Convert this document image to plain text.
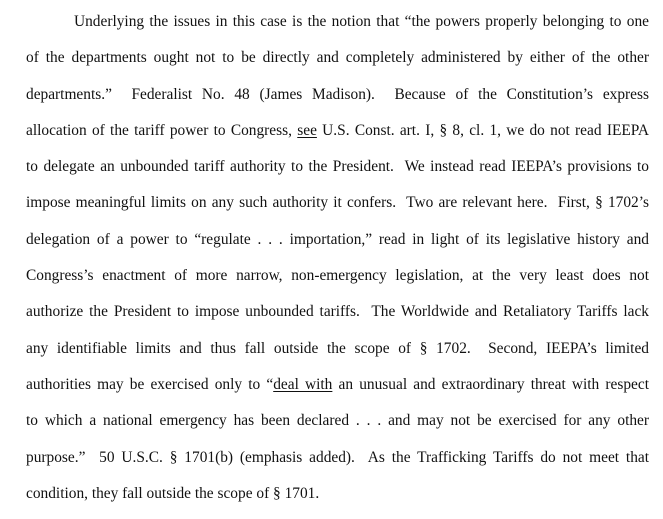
Underlying the issues in this case is the notion that “the powers properly belonging to one
of the departments ought not to be directly and completely administered by either of the other
departments.”  Federalist No. 48 (James Madison).  Because of the Constitution’s express
allocation of the tariff power to Congress, see U.S. Const. art. I, § 8, cl. 1, we do not read IEEPA
to delegate an unbounded tariff authority to the President.  We instead read IEEPA’s provisions to
impose meaningful limits on any such authority it confers.  Two are relevant here.  First, § 1702’s
delegation of a power to “regulate . . . importation,” read in light of its legislative history and
Congress’s enactment of more narrow, non-emergency legislation, at the very least does not
authorize the President to impose unbounded tariffs.  The Worldwide and Retaliatory Tariffs lack
any identifiable limits and thus fall outside the scope of § 1702.  Second, IEEPA’s limited
authorities may be exercised only to “deal with an unusual and extraordinary threat with respect
to which a national emergency has been declared . . . and may not be exercised for any other
purpose.”  50 U.S.C. § 1701(b) (emphasis added).  As the Trafficking Tariffs do not meet that
condition, they fall outside the scope of § 1701.
